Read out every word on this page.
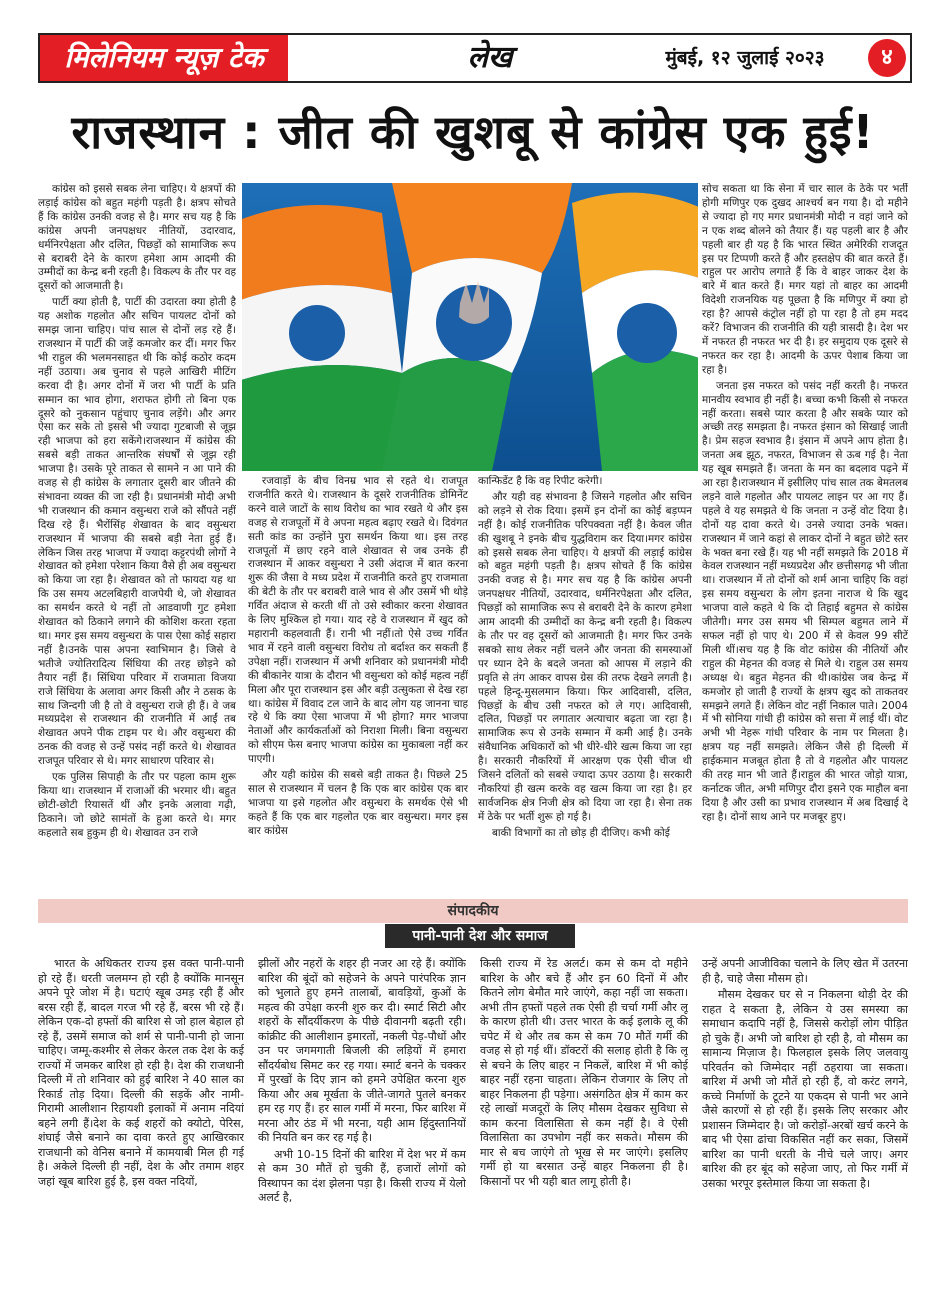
मिलेनियम न्यूज़ टेक	लेख	मुंबई, १२ जुलाई २०२३	४
राजस्थान : जीत की खुशबू से कांग्रेस एक हुई!

कांग्रेस को इससे सबक लेना चाहिए। ये क्षत्रपों की लड़ाई कांग्रेस को बहुत महंगी पड़ती है। क्षत्रप सोचते हैं कि कांग्रेस उनकी वजह से है। मगर सच यह है कि कांग्रेस अपनी जनपक्षधर नीतियों, उदारवाद, धर्मनिरपेक्षता और दलित, पिछड़ों को सामाजिक रूप से बराबरी देने के कारण हमेशा आम आदमी की उम्मीदों का केन्द्र बनी रहती है। विकल्प के तौर पर वह दूसरों को आजमाती है।

पार्टी क्या होती है, पार्टी की उदारता क्या होती है यह अशोक गहलोत और सचिन पायलट दोनों को समझ जाना चाहिए। पांच साल से दोनों लड़ रहे हैं। राजस्थान में पार्टी की जड़ें कमजोर कर दीं। मगर फिर भी राहुल की भलमनसाहत थी कि कोई कठोर कदम नहीं उठाया। अब चुनाव से पहले आखिरी मीटिंग करवा दी है। अगर दोनों में जरा भी पार्टी के प्रति सम्मान का भाव होगा, शराफत होगी तो बिना एक दूसरे को नुकसान पहुंचाए चुनाव लड़ेंगे। और अगर ऐसा कर सके तो इससे भी ज्यादा गुटबाजी से जूझ रही भाजपा को हरा सकेंगे।राजस्थान में कांग्रेस की सबसे बड़ी ताकत आन्तरिक संघर्षों से जूझ रही भाजपा है। उसके पूरे ताकत से सामने न आ पाने की वजह से ही कांग्रेस के लगातार दूसरी बार जीतने की संभावना व्यक्त की जा रही है। प्रधानमंत्री मोदी अभी भी राजस्थान की कमान वसुन्धरा राजे को सौंपते नहीं दिख रहे हैं। भैरोंसिंह शेखावत के बाद वसुन्धरा राजस्थान में भाजपा की सबसे बड़ी नेता हुई हैं। लेकिन जिस तरह भाजपा में ज्यादा कट्टरपंथी लोगों ने शेखावत को हमेशा परेशान किया वैसे ही अब वसुन्धरा को किया जा रहा है। शेखावत को तो फायदा यह था कि उस समय अटलबिहारी वाजपेयी थे, जो शेखावत का समर्थन करते थे नहीं तो आडवाणी गुट हमेशा शेखावत को ठिकाने लगाने की कोशिश करता रहता था। मगर इस समय वसुन्धरा के पास ऐसा कोई सहारा नहीं है।उनके पास अपना स्वाभिमान है। जिसे वे भतीजे ज्योतिरादित्य सिंधिया की तरह छोड़ने को तैयार नहीं हैं। सिंधिया परिवार में राजमाता विजया राजे सिंधिया के अलावा अगर किसी और ने ठसक के साथ जिन्दगी जी है तो वे वसुन्धरा राजे ही हैं। वे जब मध्यप्रदेश से राजस्थान की राजनीति में आईं तब शेखावत अपने पीक टाइम पर थे। और वसुन्धरा की ठनक की वजह से उन्हें पसंद नहीं करते थे। शेखावत राजपूत परिवार से थे। मगर साधारण परिवार से।

एक पुलिस सिपाही के तौर पर पहला काम शुरू किया था। राजस्थान में राजाओं की भरमार थी। बहुत छोटी-छोटी रियासतें थीं और इनके अलावा गढ़ी, ठिकाने। जो छोटे सामंतों के हुआ करते थे। मगर कहलाते सब हुकुम ही थे। शेखावत उन राजे

रजवाड़ों के बीच विनम्र भाव से रहते थे। राजपूत राजनीति करते थे। राजस्थान के दूसरे राजनीतिक डोमिनेंट करने वाले जाटों के साथ विरोध का भाव रखते थे और इस वजह से राजपूतों में वे अपना महत्व बढ़ाए रखते थे। दिवंगत सती कांड का उन्होंने पुरा समर्थन किया था। इस तरह राजपूतों में छाए रहने वाले शेखावत से जब उनके ही राजस्थान में आकर वसुन्धरा ने उसी अंदाज में बात करना शुरू की जैसा वे मध्य प्रदेश में राजनीति करते हुए राजमाता की बेटी के तौर पर बराबरी वाले भाव से और उसमें भी थोड़े गर्वित अंदाज से करती थीं तो उसे स्वीकार करना शेखावत के लिए मुश्किल हो गया। याद रहे वे राजस्थान में खुद को महारानी कहलवाती हैं। रानी भी नहीं।तो ऐसे उच्च गर्वित भाव में रहने वाली वसुन्धरा विरोध तो बर्दाश्त कर सकती हैं उपेक्षा नहीं। राजस्थान में अभी शनिवार को प्रधानमंत्री मोदी की बीकानेर यात्रा के दौरान भी वसुन्धरा को कोई महत्व नहीं मिला और पूरा राजस्थान इस और बड़ी उत्सुकता से देख रहा था। कांग्रेस में विवाद टल जाने के बाद लोग यह जानना चाह रहे थे कि क्या ऐसा भाजपा में भी होगा? मगर भाजपा नेताओं और कार्यकर्ताओं को निराशा मिली। बिना वसुन्धरा को सीएम फेस बनाए भाजपा कांग्रेस का मुकाबला नहीं कर पाएगी।

और यही कांग्रेस की सबसे बड़ी ताकत है। पिछले 25 साल से राजस्थान में चलन है कि एक बार कांग्रेस एक बार भाजपा या इसे गहलोत और वसुन्धरा के समर्थक ऐसे भी कहते हैं कि एक बार गहलोत एक बार वसुन्धरा। मगर इस बार कांग्रेस

कान्फिडेंट है कि वह रिपीट करेगी।

और यही वह संभावना है जिसने गहलोत और सचिन को लड़ने से रोक दिया। इसमें इन दोनों का कोई बड़प्पन नहीं है। कोई राजनीतिक परिपक्वता नहीं है। केवल जीत की खुशबू ने इनके बीच युद्धविराम कर दिया।मगर कांग्रेस को इससे सबक लेना चाहिए। ये क्षत्रपों की लड़ाई कांग्रेस को बहुत महंगी पड़ती है। क्षत्रप सोचते हैं कि कांग्रेस उनकी वजह से है। मगर सच यह है कि कांग्रेस अपनी जनपक्षधर नीतियों, उदारवाद, धर्मनिरपेक्षता और दलित, पिछड़ों को सामाजिक रूप से बराबरी देने के कारण हमेशा आम आदमी की उम्मीदों का केन्द्र बनी रहती है। विकल्प के तौर पर वह दूसरों को आजमाती है। मगर फिर उनके सबको साथ लेकर नहीं चलने और जनता की समस्याओं पर ध्यान देने के बदले जनता को आपस में लड़ाने की प्रवृति से तंग आकर वापस ग्रेस की तरफ देखने लगती है।पहले हिन्दू-मुसलमान किया। फिर आदिवासी, दलित, पिछड़ों के बीच उसी नफरत को ले गए। आदिवासी, दलित, पिछड़ों पर लगातार अत्याचार बढ़ता जा रहा है। सामाजिक रूप से उनके सम्मान में कमी आई है। उनके संवैधानिक अधिकारों को भी धीरे-धीरे खत्म किया जा रहा है। सरकारी नौकरियों में आरक्षण एक ऐसी चीज थी जिसने दलितों को सबसे ज्यादा ऊपर उठाया है। सरकारी नौकरियां ही खत्म करके वह खत्म किया जा रहा है। हर सार्वजनिक क्षेत्र निजी क्षेत्र को दिया जा रहा है। सेना तक में ठेके पर भर्ती शुरू हो गई है।

बाकी विभागों का तो छोड़ ही दीजिए। कभी कोई

सोच सकता था कि सेना में चार साल के ठेके पर भर्ती होगी मणिपुर एक दुखद आश्चर्य बन गया है। दो महीने से ज्यादा हो गए मगर प्रधानमंत्री मोदी न वहां जाने को न एक शब्द बोलने को तैयार हैं। यह पहली बार है और पहली बार ही यह है कि भारत स्थित अमेरिकी राजदूत इस पर टिप्पणी करते हैं और हस्तक्षेप की बात करते हैं। राहुल पर आरोप लगाते हैं कि वे बाहर जाकर देश के बारे में बात करते हैं। मगर यहां तो बाहर का आदमी विदेशी राजनयिक यह पूछता है कि मणिपुर में क्या हो रहा है? आपसे कंट्रोल नहीं हो पा रहा है तो हम मदद करें? विभाजन की राजनीति की यही त्रासदी है। देश भर में नफरत ही नफरत भर दी है। हर समुदाय एक दूसरे से नफरत कर रहा है। आदमी के ऊपर पेशाब किया जा रहा है।

जनता इस नफरत को पसंद नहीं करती है। नफरत मानवीय स्वभाव ही नहीं है। बच्चा कभी किसी से नफरत नहीं करता। सबसे प्यार करता है और सबके प्यार को अच्छी तरह समझता है। नफरत इंसान को सिखाई जाती है। प्रेम सहज स्वभाव है। इंसान में अपने आप होता है।जनता अब झूठ, नफरत, विभाजन से ऊब गई है। नेता यह खूब समझते हैं। जनता के मन का बदलाव पढ़ने में आ रहा है।राजस्थान में इसीलिए पांच साल तक बेमतलब लड़ने वाले गहलोत और पायलट लाइन पर आ गए हैं। पहले वे यह समझते थे कि जनता न उन्हें वोट दिया है। दोनों यह दावा करते थे। उनसे ज्यादा उनके भक्त। राजस्थान में जाने कहां से लाकर दोनों ने बहुत छोटे स्तर के भक्त बना रखे हैं। यह भी नहीं समझते कि 2018 में केवल राजस्थान नहीं मध्यप्रदेश और छत्तीसगढ़ भी जीता था। राजस्थान में तो दोनों को शर्म आना चाहिए कि वहां इस समय वसुन्धरा के लोग इतना नाराज थे कि खुद भाजपा वाले कहते थे कि दो तिहाई बहुमत से कांग्रेस जीतेगी। मगर उस समय भी सिम्पल बहुमत लाने में सफल नहीं हो पाए थे। 200 में से केवल 99 सीटें मिली थीं।सच यह है कि वोट कांग्रेस की नीतियों और राहुल की मेहनत की वजह से मिले थे। राहुल उस समय अध्यक्ष थे। बहुत मेहनत की थी।कांग्रेस जब केन्द्र में कमजोर हो जाती है राज्यों के क्षत्रप खुद को ताकतवर समझने लगते हैं। लेकिन वोट नहीं निकाल पाते। 2004 में भी सोनिया गांधी ही कांग्रेस को सत्ता में लाई थीं। वोट अभी भी नेहरू गांधी परिवार के नाम पर मिलता है। क्षत्रप यह नहीं समझते। लेकिन जैसे ही दिल्ली में हाईकमान मजबूत होता है तो वे गहलोत और पायलट की तरह मान भी जाते हैं।राहुल की भारत जोड़ो यात्रा, कर्नाटक जीत, अभी मणिपुर दौरा इसने एक माहौल बना दिया है और उसी का प्रभाव राजस्थान में अब दिखाई दे रहा है। दोनों साथ आने पर मजबूर हुए।

संपादकीय
पानी-पानी देश और समाज

भारत के अधिकतर राज्य इस वक्त पानी-पानी हो रहे हैं। धरती जलमग्न हो रही है क्योंकि मानसून अपने पूरे जोश में है। घटाएं खूब उमड़ रही हैं और बरस रही हैं, बादल गरज भी रहे हैं, बरस भी रहे हैं। लेकिन एक-दो हफ्तों की बारिश से जो हाल बेहाल हो रहे हैं, उसमें समाज को शर्म से पानी-पानी हो जाना चाहिए। जम्मू-कश्मीर से लेकर केरल तक देश के कई राज्यों में जमकर बारिश हो रही है। देश की राजधानी दिल्ली में तो शनिवार को हुई बारिश ने 40 साल का रिकार्ड तोड़ दिया। दिल्ली की सड़कें और नामी-गिरामी आलीशान रिहायशी इलाकों में अनाम नदियां बहने लगी हैं।देश के कई शहरों को क्योटो, पेरिस, शंघाई जैसे बनाने का दावा करते हुए आखिरकार राजधानी को वेनिस बनाने में कामयाबी मिल ही गई है। अकेले दिल्ली ही नहीं, देश के और तमाम शहर जहां खूब बारिश हुई है, इस वक्त नदियों,

झीलों और नहरों के शहर ही नजर आ रहे हैं। क्योंकि बारिश की बूंदों को सहेजने के अपने पारंपरिक ज्ञान को भुलाते हुए हमने तालाबों, बावड़ियों, कुओं के महत्व की उपेक्षा करनी शुरु कर दी। स्मार्ट सिटी और शहरों के सौंदर्यीकरण के पीछे दीवानगी बढ़ती रही।कांक्रीट की आलीशान इमारतों, नकली पेड़-पौधों और उन पर जगमगाती बिजली की लड़ियों में हमारा सौंदर्यबोध सिमट कर रह गया। स्मार्ट बनने के चक्कर में पुरखों के दिए ज्ञान को हमने उपेक्षित करना शुरु किया और अब मूर्खता के जीते-जागते पुतले बनकर हम रह गए हैं। हर साल गर्मी में मरना, फिर बारिश में मरना और ठंड में भी मरना, यही आम हिंदुस्तानियों की नियति बन कर रह गई है।

अभी 10-15 दिनों की बारिश में देश भर में कम से कम 30 मौतें हो चुकी हैं, हजारों लोगों को विस्थापन का दंश झेलना पड़ा है। किसी राज्य में येलो अलर्ट है,

किसी राज्य में रेड अलर्ट। कम से कम दो महीने बारिश के और बचे हैं और इन 60 दिनों में और कितने लोग बेमौत मारे जाएंगे, कहा नहीं जा सकता। अभी तीन हफ्तों पहले तक ऐसी ही चर्चा गर्मी और लू के कारण होती थी। उत्तर भारत के कई इलाके लू की चपेट में थे और तब कम से कम 70 मौतें गर्मी की वजह से हो गई थीं। डॉक्टरों की सलाह होती है कि लू से बचने के लिए बाहर न निकलें, बारिश में भी कोई बाहर नहीं रहना चाहता। लेकिन रोजगार के लिए तो बाहर निकलना ही पड़ेगा। असंगठित क्षेत्र में काम कर रहे लाखों मजदूरों के लिए मौसम देखकर सुविधा से काम करना विलासिता से कम नहीं है। वे ऐसी विलासिता का उपभोग नहीं कर सकते। मौसम की मार से बच जाएंगे तो भूख से मर जाएंगे। इसलिए गर्मी हो या बरसात उन्हें बाहर निकलना ही है। किसानों पर भी यही बात लागू होती है।

उन्हें अपनी आजीविका चलाने के लिए खेत में उतरना ही है, चाहे जैसा मौसम हो।

मौसम देखकर घर से न निकलना थोड़ी देर की राहत दे सकता है, लेकिन ये उस समस्या का समाधान कदापि नहीं है, जिससे करोड़ों लोग पीड़ित हो चुके हैं। अभी जो बारिश हो रही है, वो मौसम का सामान्य मिज़ाज है। फिलहाल इसके लिए जलवायु परिवर्तन को जिम्मेदार नहीं ठहराया जा सकता। बारिश में अभी जो मौतें हो रही हैं, वो करंट लगने, कच्चे निर्माणों के टूटने या एकदम से पानी भर आने जैसे कारणों से हो रही हैं। इसके लिए सरकार और प्रशासन जिम्मेदार है। जो करोड़ों-अरबों खर्च करने के बाद भी ऐसा ढांचा विकसित नहीं कर सका, जिसमें बारिश का पानी धरती के नीचे चले जाए। अगर बारिश की हर बूंद को सहेजा जाए, तो फिर गर्मी में उसका भरपूर इस्तेमाल किया जा सकता है।
